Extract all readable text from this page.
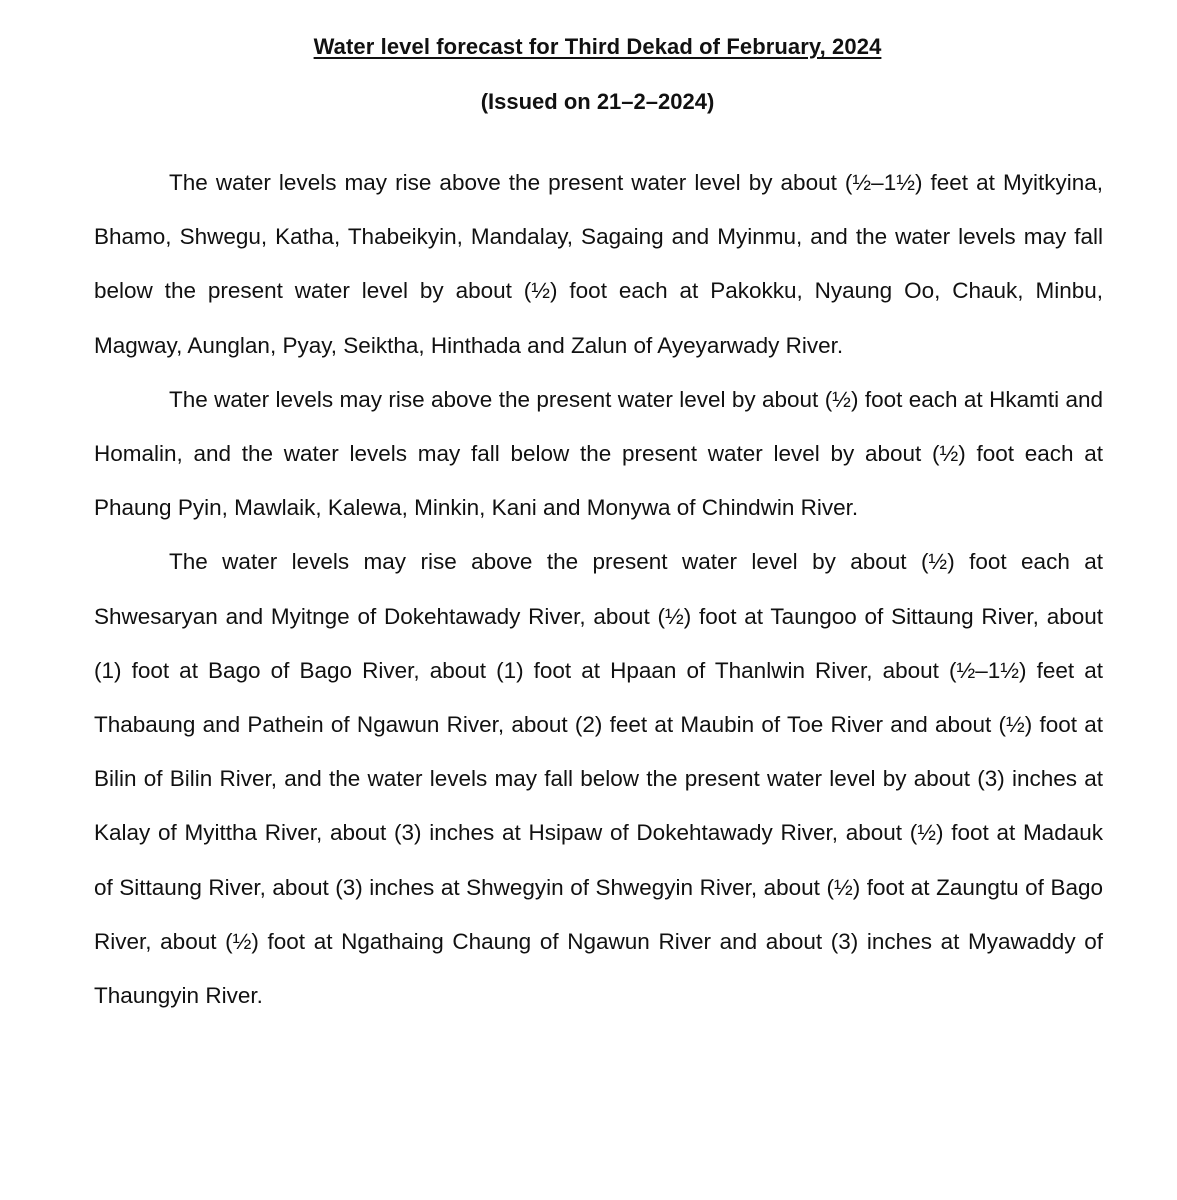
Water level forecast for Third Dekad of February, 2024
(Issued on 21–2–2024)

The water levels may rise above the present water level by about (½–1½) feet at Myitkyina, Bhamo, Shwegu, Katha, Thabeikyin, Mandalay, Sagaing and Myinmu, and the water levels may fall below the present water level by about (½) foot each at Pakokku, Nyaung Oo, Chauk, Minbu, Magway, Aunglan, Pyay, Seiktha, Hinthada and Zalun of Ayeyarwady River.

The water levels may rise above the present water level by about (½) foot each at Hkamti and Homalin, and the water levels may fall below the present water level by about (½) foot each at Phaung Pyin, Mawlaik, Kalewa, Minkin, Kani and Monywa of Chindwin River.

The water levels may rise above the present water level by about (½) foot each at Shwesaryan and Myitnge of Dokehtawady River, about (½) foot at Taungoo of Sittaung River, about (1) foot at Bago of Bago River, about (1) foot at Hpaan of Thanlwin River, about (½–1½) feet at Thabaung and Pathein of Ngawun River, about (2) feet at Maubin of Toe River and about (½) foot at Bilin of Bilin River, and the water levels may fall below the present water level by about (3) inches at Kalay of Myittha River, about (3) inches at Hsipaw of Dokehtawady River, about (½) foot at Madauk of Sittaung River, about (3) inches at Shwegyin of Shwegyin River, about (½) foot at Zaungtu of Bago River, about (½) foot at Ngathaing Chaung of Ngawun River and about (3) inches at Myawaddy of Thaungyin River.
